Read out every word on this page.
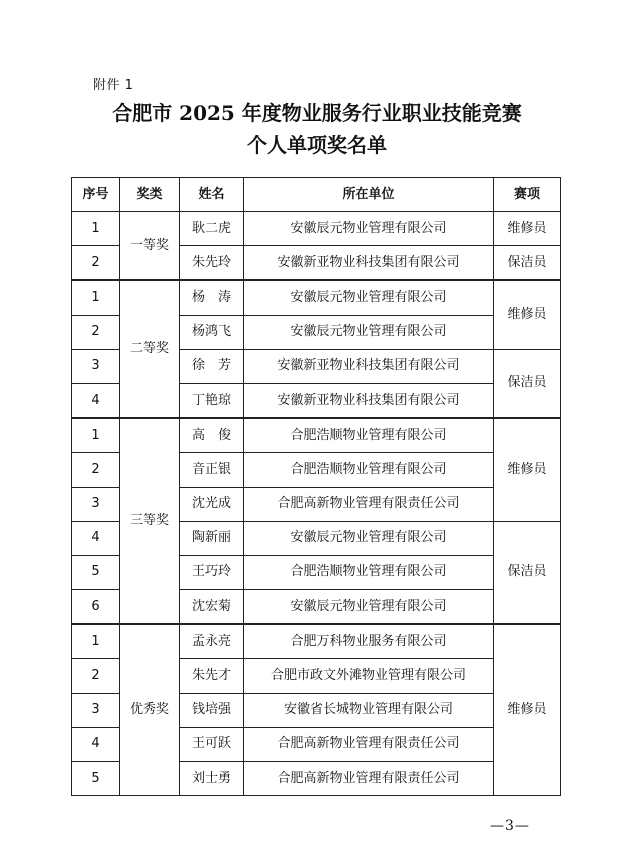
附件 1
合肥市 2025 年度物业服务行业职业技能竞赛
个人单项奖名单
序号	奖类	姓名	所在单位	赛项
1	一等奖	耿二虎	安徽辰元物业管理有限公司	维修员
2		朱先玲	安徽新亚物业科技集团有限公司	保洁员
1	二等奖	杨　涛	安徽辰元物业管理有限公司	维修员
2		杨鸿飞	安徽辰元物业管理有限公司	
3		徐　芳	安徽新亚物业科技集团有限公司	保洁员
4		丁艳琼	安徽新亚物业科技集团有限公司	
1	三等奖	高　俊	合肥浩顺物业管理有限公司	维修员
2		音正银	合肥浩顺物业管理有限公司	
3		沈光成	合肥高新物业管理有限责任公司	
4		陶新丽	安徽辰元物业管理有限公司	保洁员
5		王巧玲	合肥浩顺物业管理有限公司	
6		沈宏菊	安徽辰元物业管理有限公司	
1	优秀奖	孟永亮	合肥万科物业服务有限公司	维修员
2		朱先才	合肥市政文外滩物业管理有限公司	
3		钱培强	安徽省长城物业管理有限公司	
4		王可跃	合肥高新物业管理有限责任公司	
5		刘士勇	合肥高新物业管理有限责任公司	
—3—
